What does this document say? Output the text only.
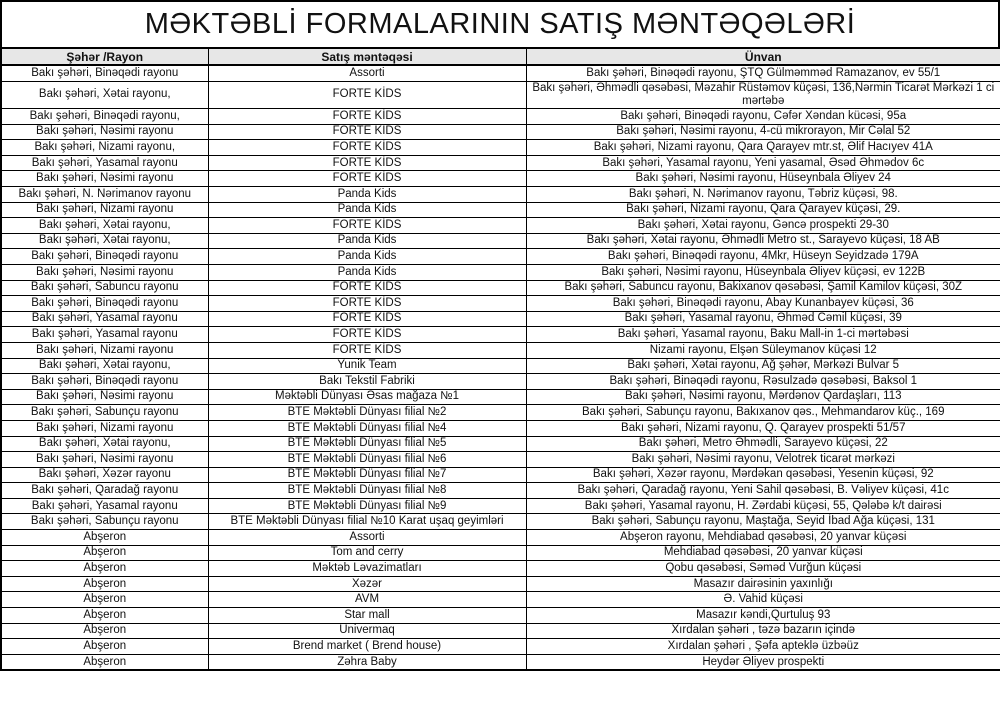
MƏKTƏBLİ FORMALARININ SATIŞ MƏNTƏQƏLƏRİ
Şəhər /Rayon	Satış məntəqəsi	Ünvan
Bakı şəhəri, Binəqədi rayonu	Assorti	Bakı şəhəri, Binəqədi rayonu, ŞTQ Gülməmməd Ramazanov, ev 55/1
Bakı şəhəri, Xətai rayonu,	FORTE KİDS	Bakı şəhəri, Əhmədli qəsəbəsi, Məzahir Rüstəmov küçəsi, 136,Nərmin Ticarət Mərkəzi 1 ci mərtəbə
Bakı şəhəri, Binəqədi rayonu,	FORTE KİDS	Bakı şəhəri, Binəqədi rayonu, Cəfər Xəndan kücəsi, 95a
Bakı şəhəri, Nəsimi rayonu	FORTE KİDS	Bakı şəhəri, Nəsimi rayonu, 4-cü mikrorayon, Mir Cəlal 52
Bakı şəhəri, Nizami rayonu,	FORTE KİDS	Bakı şəhəri, Nizami rayonu, Qara Qarayev mtr.st, Əlif Hacıyev 41A
Bakı şəhəri, Yasamal rayonu	FORTE KİDS	Bakı şəhəri, Yasamal rayonu, Yeni yasamal, Əsəd Əhmədov 6c
Bakı şəhəri, Nəsimi rayonu	FORTE KİDS	Bakı şəhəri, Nəsimi rayonu, Hüseynbala Əliyev 24
Bakı şəhəri, N. Nərimanov rayonu	Panda Kids	Bakı şəhəri, N. Nərimanov rayonu, Təbriz küçəsi, 98.
Bakı şəhəri, Nizami rayonu	Panda Kids	Bakı şəhəri, Nizami rayonu, Qara Qarayev küçəsi, 29.
Bakı şəhəri, Xətai rayonu,	FORTE KİDS	Bakı şəhəri, Xətai rayonu, Gəncə prospekti 29-30
Bakı şəhəri, Xətai rayonu,	Panda Kids	Bakı şəhəri, Xətai rayonu, Əhmədli Metro st., Sarayevo küçəsi, 18 AB
Bakı şəhəri, Binəqədi rayonu	Panda Kids	Bakı şəhəri, Binəqədi rayonu, 4Mkr, Hüseyn Seyidzadə 179A
Bakı şəhəri, Nəsimi rayonu	Panda Kids	Bakı şəhəri, Nəsimi rayonu, Hüseynbala Əliyev küçəsi, ev 122B
Bakı şəhəri, Sabuncu rayonu	FORTE KİDS	Bakı şəhəri, Sabuncu rayonu, Bakixanov qəsəbəsi, Şamil Kamilov küçəsi, 30Z
Bakı şəhəri, Binəqədi rayonu	FORTE KİDS	Bakı şəhəri, Binəqədi rayonu, Abay Kunanbayev küçəsi, 36
Bakı şəhəri, Yasamal rayonu	FORTE KİDS	Bakı şəhəri, Yasamal rayonu, Əhməd Cəmil küçəsi, 39
Bakı şəhəri, Yasamal rayonu	FORTE KİDS	Bakı şəhəri, Yasamal rayonu, Baku Mall-in 1-ci mərtəbəsi
Bakı şəhəri, Nizami rayonu	FORTE KİDS	Nizami rayonu, Elşən Süleymanov küçəsi 12
Bakı şəhəri, Xətai rayonu,	Yunik Team	Bakı şəhəri, Xətai rayonu, Ağ şəhər, Mərkəzi Bulvar 5
Bakı şəhəri, Binəqədi rayonu	Bakı Tekstil Fabriki	Bakı şəhəri, Binəqədi rayonu, Rəsulzadə qəsəbəsi, Baksol 1
Bakı şəhəri, Nəsimi rayonu	Məktəbli Dünyası Əsas mağaza №1	Bakı şəhəri, Nəsimi rayonu, Mərdənov Qardaşları, 113
Bakı şəhəri, Sabunçu rayonu	BTE Məktəbli Dünyası filial №2	Bakı şəhəri, Sabunçu rayonu, Bakıxanov qəs., Mehmandarov küç., 169
Bakı şəhəri, Nizami rayonu	BTE Məktəbli Dünyası filial №4	Bakı şəhəri, Nizami rayonu, Q. Qarayev prospekti 51/57
Bakı şəhəri, Xətai rayonu,	BTE Məktəbli Dünyası filial №5	Bakı şəhəri, Metro Əhmədli, Sarayevo küçəsi, 22
Bakı şəhəri, Nəsimi rayonu	BTE Məktəbli Dünyası filial №6	Bakı şəhəri, Nəsimi rayonu, Velotrek ticarət mərkəzi
Bakı şəhəri, Xəzər rayonu	BTE Məktəbli Dünyası filial №7	Bakı şəhəri, Xəzər rayonu, Mərdəkan qəsəbəsi, Yesenin küçəsi, 92
Bakı şəhəri, Qaradağ rayonu	BTE Məktəbli Dünyası filial №8	Bakı şəhəri, Qaradağ rayonu, Yeni Sahil qəsəbəsi, B. Vəliyev küçəsi, 41c
Bakı şəhəri, Yasamal rayonu	BTE Məktəbli Dünyası filial №9	Bakı şəhəri, Yasamal rayonu, H. Zərdabi küçəsi, 55, Qələbə k/t dairəsi
Bakı şəhəri, Sabunçu rayonu	BTE Məktəbli Dünyası filial №10 Karat uşaq geyimləri	Bakı şəhəri, Sabunçu rayonu, Maştağa, Seyid İbad Ağa küçəsi, 131
Abşeron	Assorti	Abşeron rayonu, Mehdiabad qəsəbəsi, 20 yanvar küçəsi
Abşeron	Tom and cerry	Mehdiabad qəsəbəsi, 20 yanvar küçəsi
Abşeron	Məktəb Ləvazimatları	Qobu qəsəbəsi, Səməd Vurğun küçəsi
Abşeron	Xəzər	Masazır dairəsinin yaxınlığı
Abşeron	AVM	Ə. Vahid küçəsi
Abşeron	Star mall	Masazır kəndi,Qurtuluş 93
Abşeron	Univermaq	Xırdalan şəhəri , təzə bazarın içində
Abşeron	Brend market ( Brend house)	Xırdalan şəhəri , Şəfa apteklə üzbəüz
Abşeron	Zəhra Baby	Heydər Əliyev prospekti
